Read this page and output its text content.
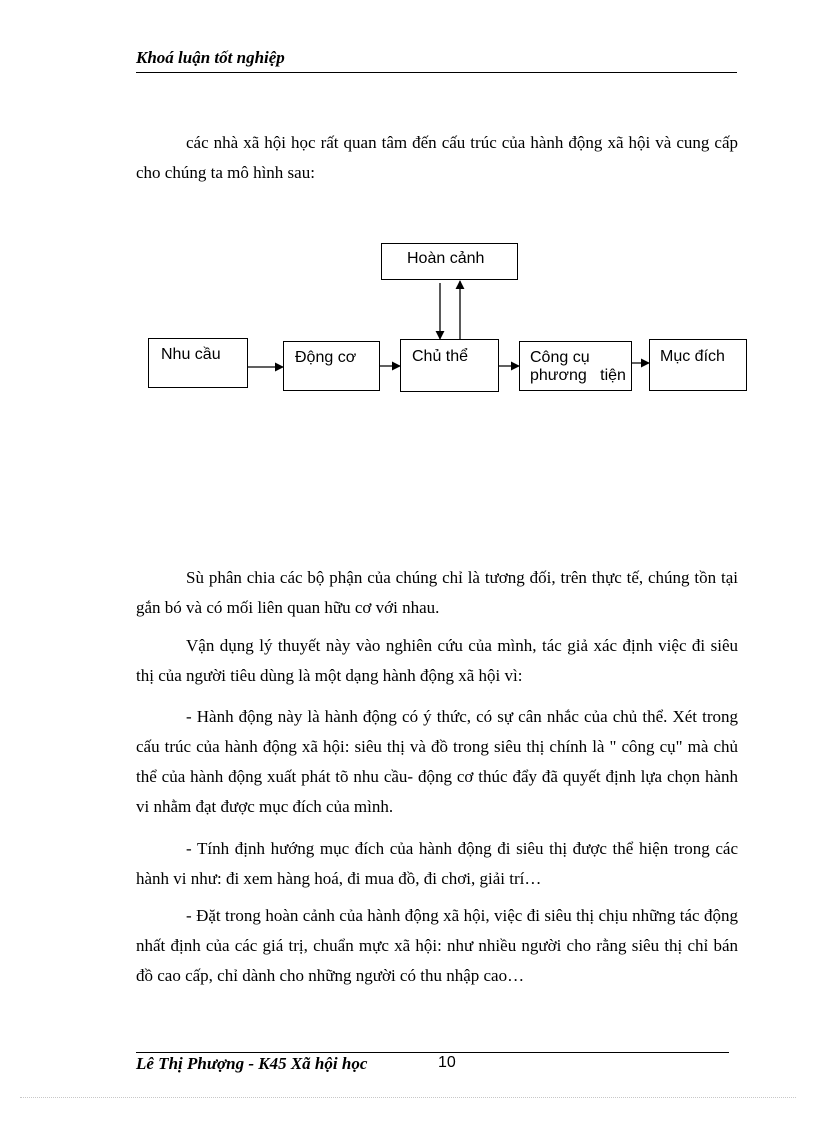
Khoá luận tốt nghiệp

các nhà xã hội học rất quan tâm đến cấu trúc của hành động xã hội và cung cấp cho chúng ta mô hình sau:

Hoàn cảnh
Nhu cầu	Động cơ	Chủ thể	Công cụ
phương   tiện
Mục đích

Sù phân chia các bộ phận của chúng chỉ là tương đối, trên thực tế, chúng tồn tại gắn bó và có mối liên quan hữu cơ với nhau.

Vận dụng lý thuyết này vào nghiên cứu của mình, tác giả xác định việc đi siêu thị của người tiêu dùng là một dạng hành động xã hội vì:

- Hành động này là hành động có ý thức, có sự cân nhắc của chủ thể. Xét trong cấu trúc của hành động xã hội: siêu thị và đồ trong siêu thị chính là " công cụ" mà chủ thể của hành động xuất phát tõ nhu cầu- động cơ thúc đẩy đã quyết định lựa chọn hành vi nhằm đạt được mục đích của mình.

- Tính định hướng mục đích của hành động đi siêu thị được thể hiện trong các hành vi như: đi xem hàng hoá, đi mua đồ, đi chơi, giải trí…

- Đặt trong hoàn cảnh của hành động xã hội, việc đi siêu thị chịu những tác động nhất định của các giá trị, chuẩn mực xã hội: như nhiều người cho rằng siêu thị chỉ bán đồ cao cấp, chỉ dành cho những người có thu nhập cao…

Lê Thị Phượng - K45 Xã hội học	10
